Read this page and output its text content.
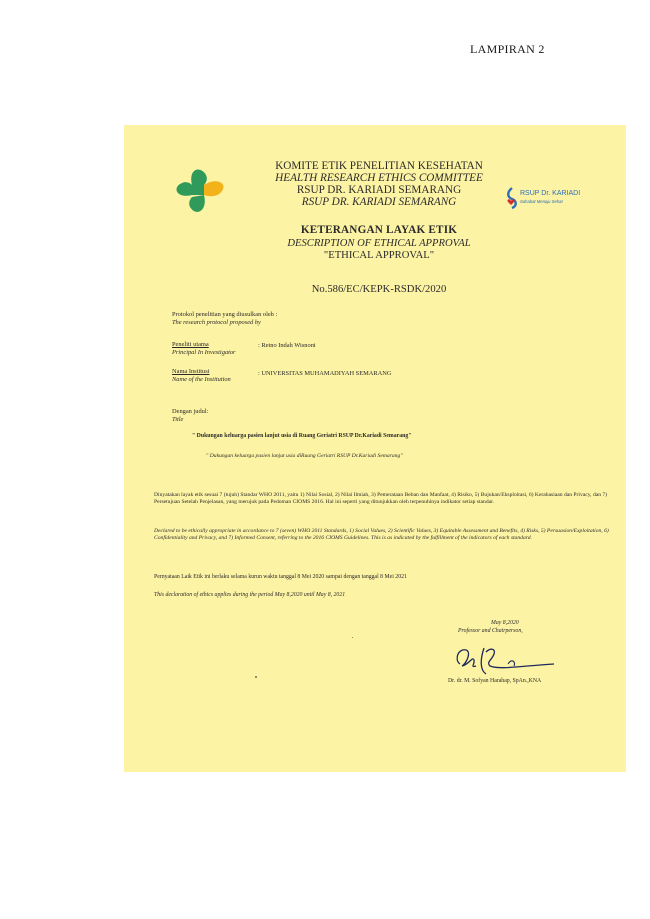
LAMPIRAN 2
KOMITE ETIK PENELITIAN KESEHATAN
HEALTH RESEARCH ETHICS COMMITTEE
RSUP DR. KARIADI SEMARANG
RSUP DR. KARIADI SEMARANG
RSUP Dr. KARIADI
Sahabat Menuju Sehat
KETERANGAN LAYAK ETIK
DESCRIPTION OF ETHICAL APPROVAL
"ETHICAL APPROVAL"
No.586/EC/KEPK-RSDK/2020
Protokol penelitian yang diusulkan oleh :
The research protocol proposed by
Peneliti utama
Principal In Investigator
: Retno Indah Wisnoni
Nama Institusi
Name of the Institution
: UNIVERSITAS MUHAMADIYAH SEMARANG
Dengan judul:
Title
" Dukungan keluarga pasien lanjut usia di Ruang Geriatri RSUP Dr.Kariadi Semarang"
" Dukungan keluarga pasien lanjut usia diRuang Geriatri RSUP Dr.Kariadi Semarang"
Dinyatakan layak etik sesuai 7 (tujuh) Standar WHO 2011, yaitu 1) Nilai Sosial, 2) Nilai Ilmiah, 3) Pemerataan Beban dan Manfaat, 4) Risiko, 5) Bujukan/Eksploitasi, 6) Kerahasiaan dan Privacy, dan 7) Persetujuan Setelah Penjelasan, yang merujuk pada Pedoman CIOMS 2016. Hal ini seperti yang ditunjukkan oleh terpenuhinya indikator setiap standar.
Declared to be ethically appropriate in accordance to 7 (seven) WHO 2011 Standards, 1) Social Values, 2) Scientific Values, 3) Equitable Assessment and Benefits, 4) Risks, 5) Persuasion/Exploitation, 6) Confidentiality and Privacy, and 7) Informed Consent, referring to the 2016 CIOMS Guidelines. This is as indicated by the fulfillment of the indicators of each standard.
Pernyataan Laik Etik ini berlaku selama kurun waktu tanggal 8 Mei 2020 sampai dengan tanggal 8 Mei 2021
This declaration of ethics applies during the period May 8,2020 until May 8, 2021
May 8,2020
Professor and Chairperson,
Dr. dr. M. Sofyan Harahap, SpAn.,KNA
